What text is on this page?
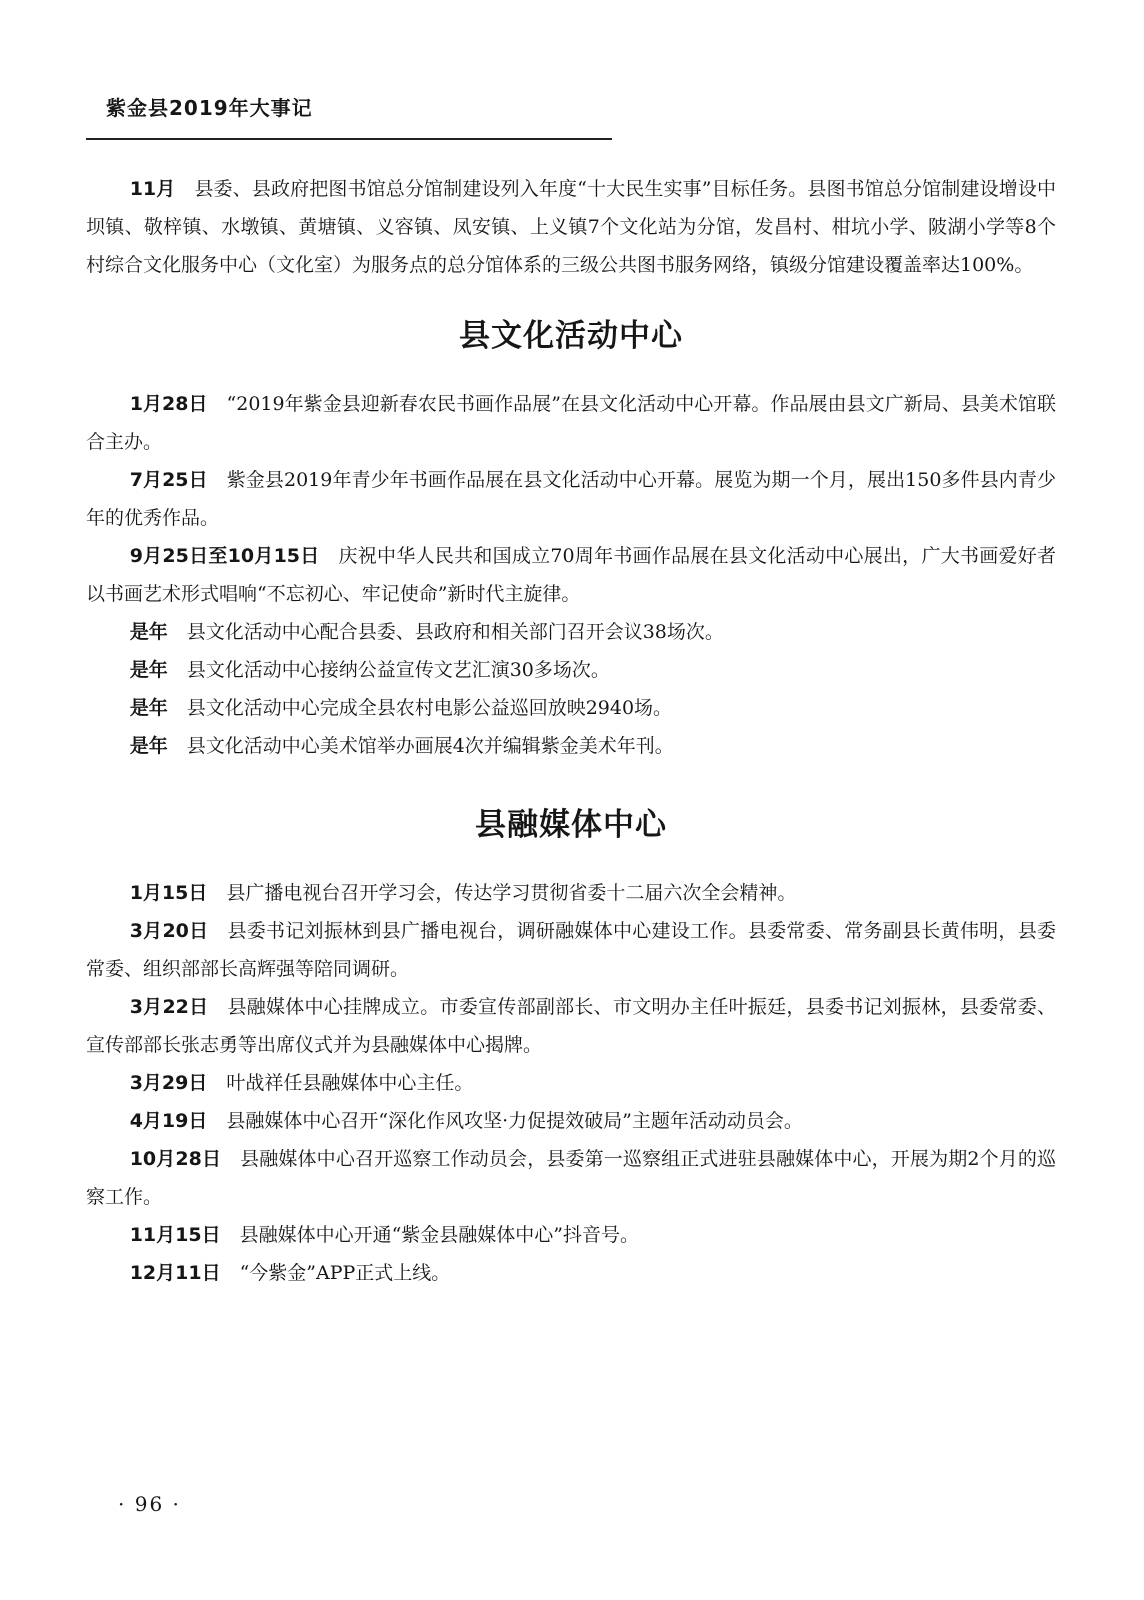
紫金县2019年大事记

11月 县委、县政府把图书馆总分馆制建设列入年度“十大民生实事”目标任务。县图书馆总分馆制建设增设中坝镇、敬梓镇、水墩镇、黄塘镇、义容镇、凤安镇、上义镇7个文化站为分馆，发昌村、柑坑小学、陂湖小学等8个村综合文化服务中心（文化室）为服务点的总分馆体系的三级公共图书服务网络，镇级分馆建设覆盖率达100%。

县文化活动中心

1月28日 “2019年紫金县迎新春农民书画作品展”在县文化活动中心开幕。作品展由县文广新局、县美术馆联合主办。

7月25日 紫金县2019年青少年书画作品展在县文化活动中心开幕。展览为期一个月，展出150多件县内青少年的优秀作品。

9月25日至10月15日 庆祝中华人民共和国成立70周年书画作品展在县文化活动中心展出，广大书画爱好者以书画艺术形式唱响“不忘初心、牢记使命”新时代主旋律。

是年 县文化活动中心配合县委、县政府和相关部门召开会议38场次。

是年 县文化活动中心接纳公益宣传文艺汇演30多场次。

是年 县文化活动中心完成全县农村电影公益巡回放映2940场。

是年 县文化活动中心美术馆举办画展4次并编辑紫金美术年刊。

县融媒体中心

1月15日 县广播电视台召开学习会，传达学习贯彻省委十二届六次全会精神。

3月20日 县委书记刘振林到县广播电视台，调研融媒体中心建设工作。县委常委、常务副县长黄伟明，县委常委、组织部部长高辉强等陪同调研。

3月22日 县融媒体中心挂牌成立。市委宣传部副部长、市文明办主任叶振廷，县委书记刘振林，县委常委、宣传部部长张志勇等出席仪式并为县融媒体中心揭牌。

3月29日 叶战祥任县融媒体中心主任。

4月19日 县融媒体中心召开“深化作风攻坚·力促提效破局”主题年活动动员会。

10月28日 县融媒体中心召开巡察工作动员会，县委第一巡察组正式进驻县融媒体中心，开展为期2个月的巡察工作。

11月15日 县融媒体中心开通“紫金县融媒体中心”抖音号。

12月11日 “今紫金”APP正式上线。

· 96 ·
